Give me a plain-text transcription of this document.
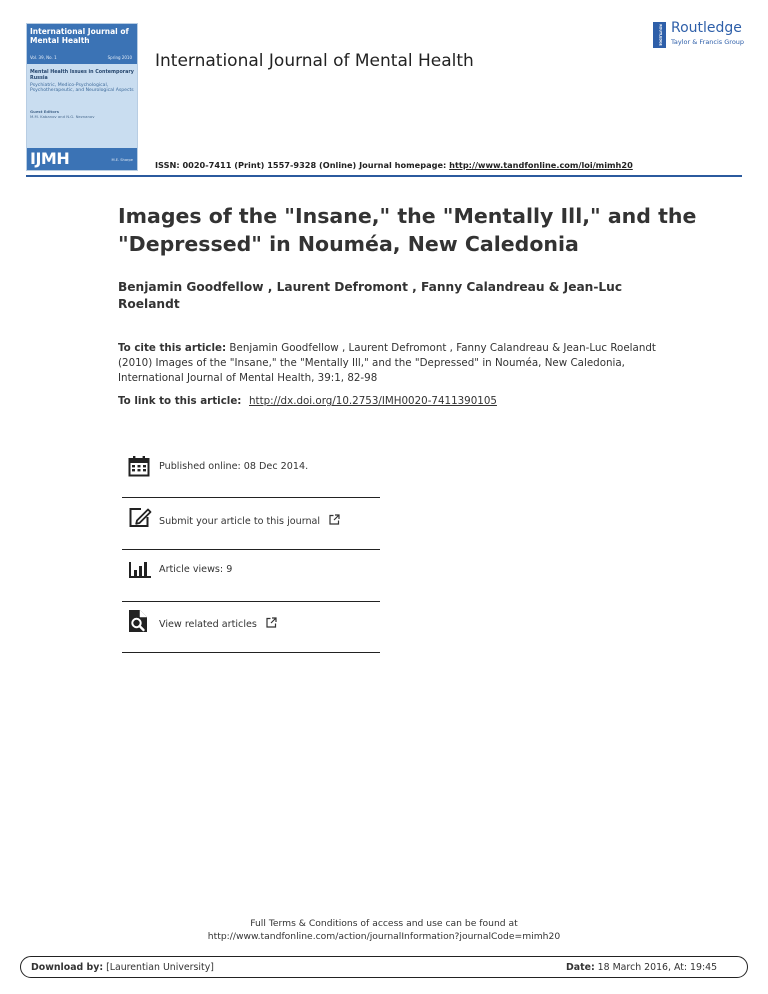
International Journal of Mental Health
Vol. 39, No. 1	Spring 2010
Mental Health Issues in Contemporary Russia
Psychiatric, Medico-Psychological, Psychotherapeutic, and Neurological Aspects
Guest Editors
M.M. Kabanov and N.G. Neznanov
IJMH	M.E. Sharpe
International Journal of Mental Health
ROUTLEDGE Routledge
Taylor & Francis Group
ISSN: 0020-7411 (Print) 1557-9328 (Online) Journal homepage: http://www.tandfonline.com/loi/mimh20
Images of the "Insane," the "Mentally Ill," and the "Depressed" in Nouméa, New Caledonia

Benjamin Goodfellow , Laurent Defromont , Fanny Calandreau & Jean-Luc Roelandt

To cite this article: Benjamin Goodfellow , Laurent Defromont , Fanny Calandreau & Jean-Luc Roelandt (2010) Images of the "Insane," the "Mentally Ill," and the "Depressed" in Nouméa, New Caledonia, International Journal of Mental Health, 39:1, 82-98

To link to this article: http://dx.doi.org/10.2753/IMH0020-7411390105
Published online: 08 Dec 2014.
Submit your article to this journal
Article views: 9
View related articles
Full Terms & Conditions of access and use can be found at
http://www.tandfonline.com/action/journalInformation?journalCode=mimh20
Download by: [Laurentian University]	Date: 18 March 2016, At: 19:45
